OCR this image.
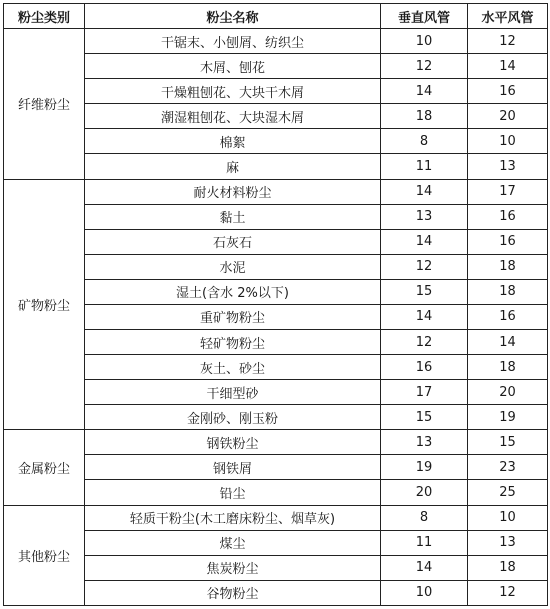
粉尘类别	粉尘名称	垂直风管	水平风管
纤维粉尘	干锯末、小刨屑、纺织尘	10	12
	木屑、刨花	12	14
	干燥粗刨花、大块干木屑	14	16
	潮湿粗刨花、大块湿木屑	18	20
	棉絮	8	10
	麻	11	13
矿物粉尘	耐火材料粉尘	14	17
	黏土	13	16
	石灰石	14	16
	水泥	12	18
	湿土(含水 2%以下)	15	18
	重矿物粉尘	14	16
	轻矿物粉尘	12	14
	灰土、砂尘	16	18
	干细型砂	17	20
	金刚砂、刚玉粉	15	19
金属粉尘	钢铁粉尘	13	15
	钢铁屑	19	23
	铅尘	20	25
其他粉尘	轻质干粉尘(木工磨床粉尘、烟草灰)	8	10
	煤尘	11	13
	焦炭粉尘	14	18
	谷物粉尘	10	12
